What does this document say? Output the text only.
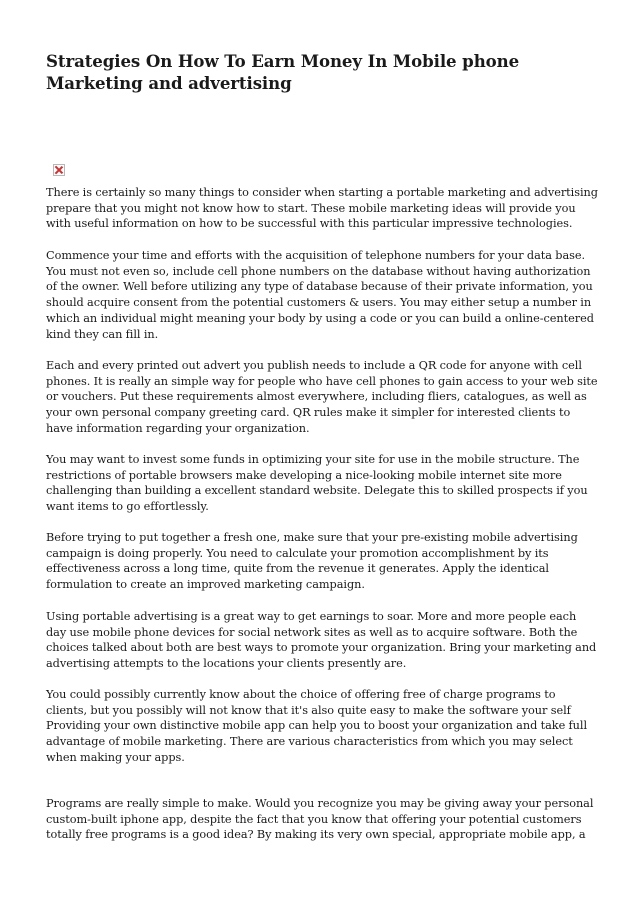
Strategies On How To Earn Money In Mobile phone Marketing and advertising

There is certainly so many things to consider when starting a portable marketing and advertising prepare that you might not know how to start. These mobile marketing ideas will provide you with useful information on how to be successful with this particular impressive technologies.

Commence your time and efforts with the acquisition of telephone numbers for your data base. You must not even so, include cell phone numbers on the database without having authorization of the owner. Well before utilizing any type of database because of their private information, you should acquire consent from the potential customers & users. You may either setup a number in which an individual might meaning your body by using a code or you can build a online-centered kind they can fill in.

Each and every printed out advert you publish needs to include a QR code for anyone with cell phones. It is really an simple way for people who have cell phones to gain access to your web site or vouchers. Put these requirements almost everywhere, including fliers, catalogues, as well as your own personal company greeting card. QR rules make it simpler for interested clients to have information regarding your organization.

You may want to invest some funds in optimizing your site for use in the mobile structure. The restrictions of portable browsers make developing a nice-looking mobile internet site more challenging than building a excellent standard website. Delegate this to skilled prospects if you want items to go effortlessly.

Before trying to put together a fresh one, make sure that your pre-existing mobile advertising campaign is doing properly. You need to calculate your promotion accomplishment by its effectiveness across a long time, quite from the revenue it generates. Apply the identical formulation to create an improved marketing campaign.

Using portable advertising is a great way to get earnings to soar. More and more people each day use mobile phone devices for social network sites as well as to acquire software. Both the choices talked about both are best ways to promote your organization. Bring your marketing and advertising attempts to the locations your clients presently are.

You could possibly currently know about the choice of offering free of charge programs to clients, but you possibly will not know that it's also quite easy to make the software your self Providing your own distinctive mobile app can help you to boost your organization and take full advantage of mobile marketing. There are various characteristics from which you may select when making your apps.

Programs are really simple to make. Would you recognize you may be giving away your personal custom-built iphone app, despite the fact that you know that offering your potential customers totally free programs is a good idea? By making its very own special, appropriate mobile app, a
